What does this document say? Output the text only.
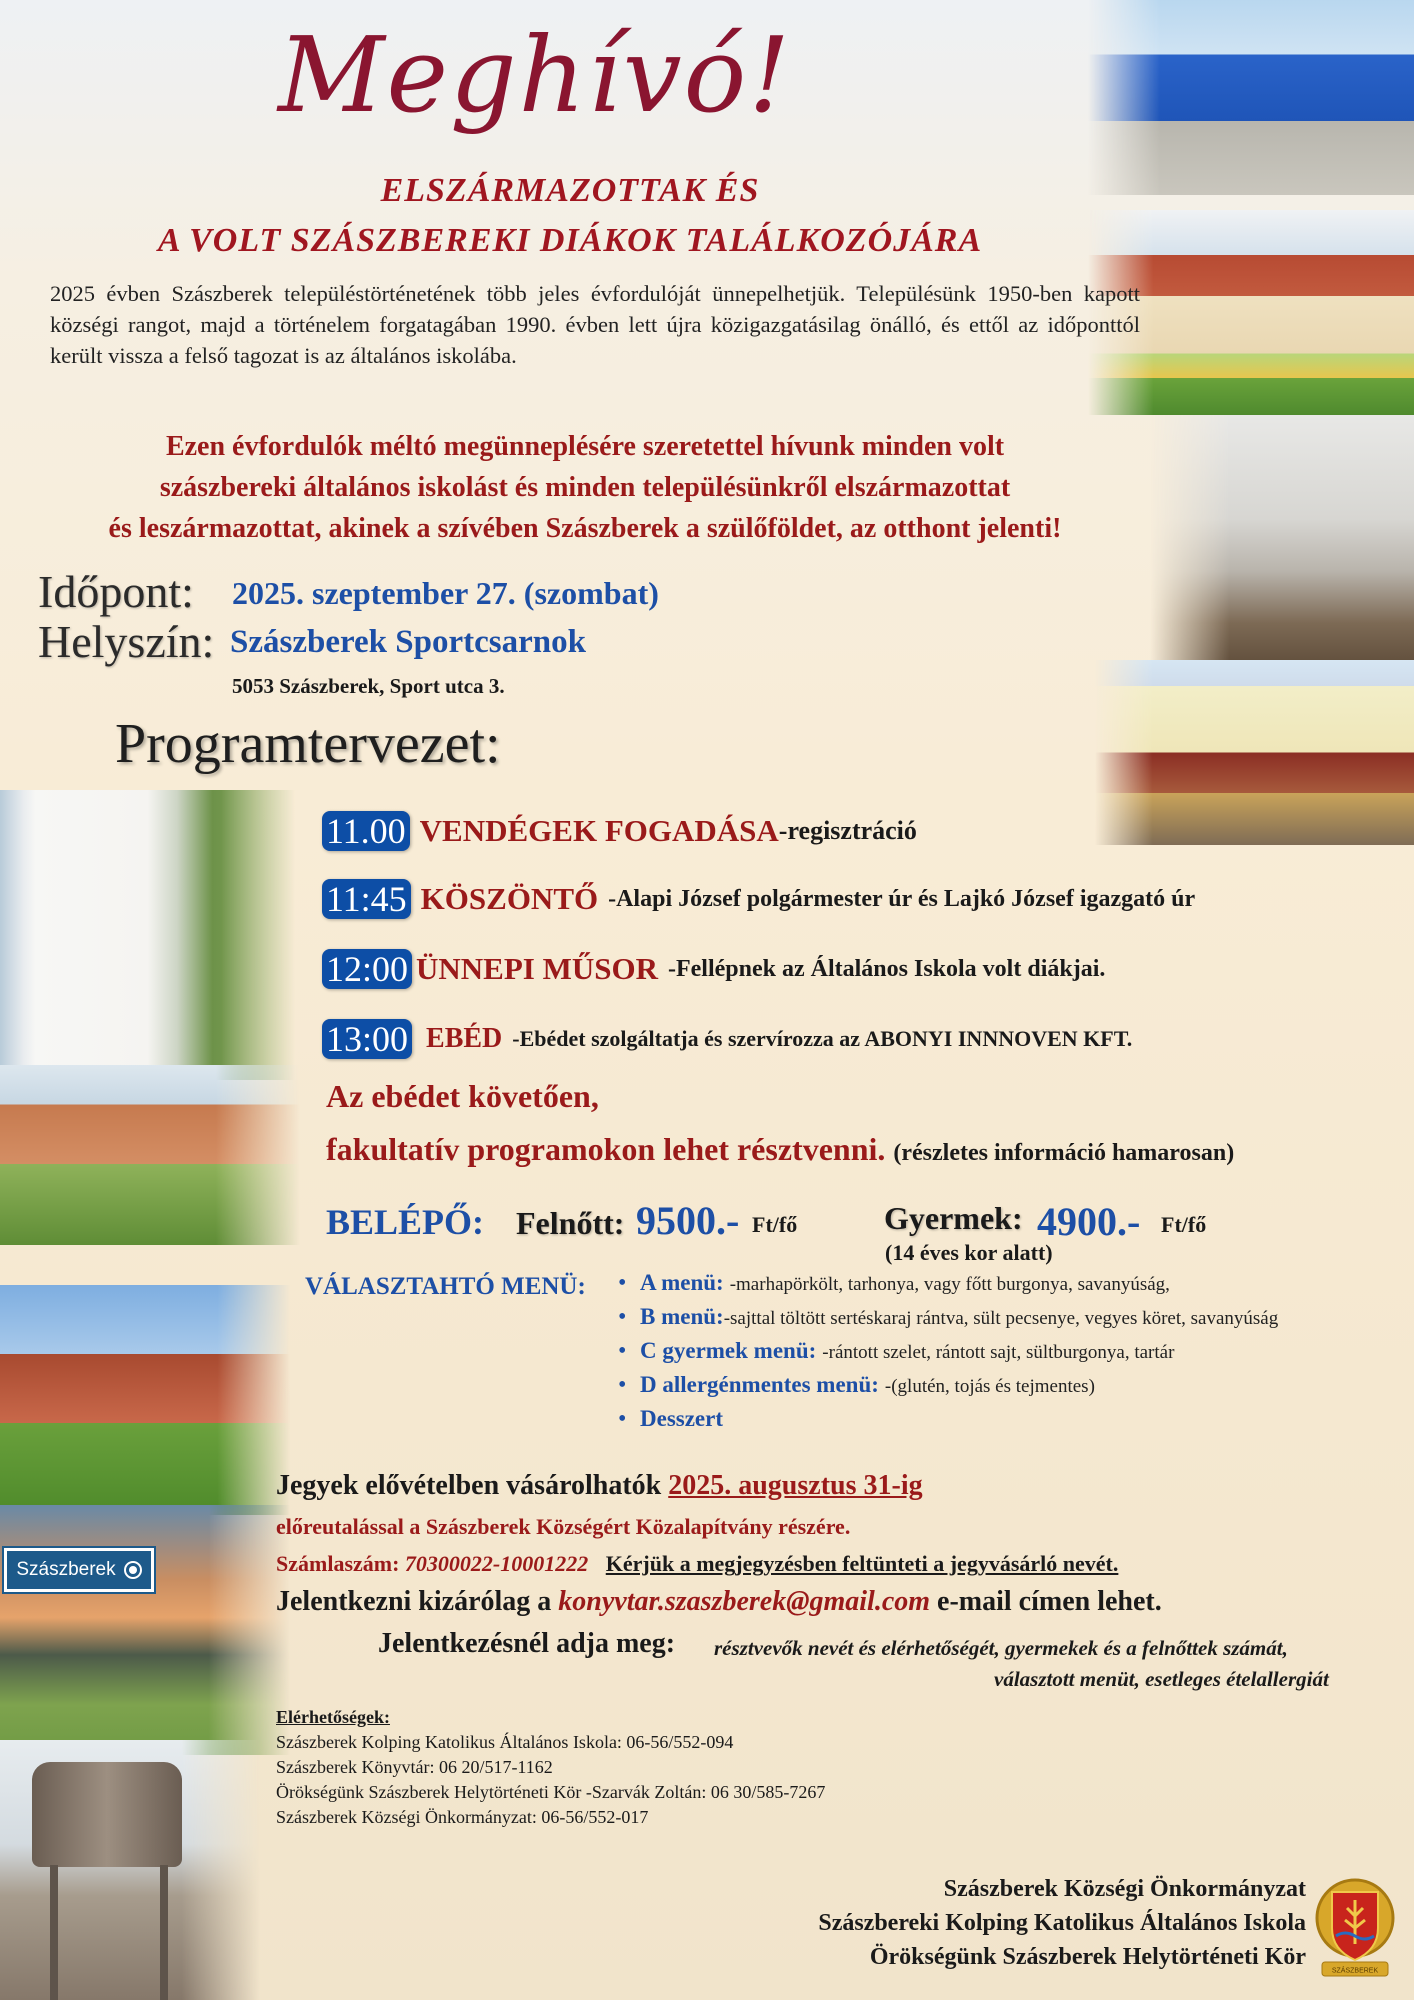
Szászberek
Meghívó!
ELSZÁRMAZOTTAK ÉS
A VOLT SZÁSZBEREKI DIÁKOK TALÁLKOZÓJÁRA
2025 évben Szászberek településtörténetének több jeles évfordulóját ünnepelhetjük. Településünk 1950-ben kapott községi rangot, majd a történelem forgatagában 1990. évben lett újra közigazgatásilag önálló, és ettől az időponttól került vissza a felső tagozat is az általános iskolába.
Ezen évfordulók méltó megünneplésére szeretettel hívunk minden volt
szászbereki általános iskolást és minden településünkről elszármazottat
és leszármazottat, akinek a szívében Szászberek a szülőföldet, az otthont jelenti!
Időpont: 2025. szeptember 27. (szombat)
Helyszín: Szászberek Sportcsarnok
5053 Szászberek, Sport utca 3.
Programtervezet:
11.00 VENDÉGEK FOGADÁSA -regisztráció
11:45 KÖSZÖNTŐ -Alapi József polgármester úr és Lajkó József igazgató úr
12:00 ÜNNEPI MŰSOR -Fellépnek az Általános Iskola volt diákjai.
13:00 EBÉD -Ebédet szolgáltatja és szervírozza az ABONYI INNNOVEN KFT.
Az ebédet követően,
fakultatív programokon lehet résztvenni. (részletes információ hamarosan)
BELÉPŐ: Felnőtt: 9500.- Ft/fő	Gyermek: 4900.- Ft/fő
(14 éves kor alatt)
VÁLASZTAHTÓ MENÜ:
• A menü: -marhapörkölt, tarhonya, vagy főtt burgonya, savanyúság,
• B menü: -sajttal töltött sertéskaraj rántva, sült pecsenye, vegyes köret, savanyúság
• C gyermek menü: -rántott szelet, rántott sajt, sültburgonya, tartár
• D allergénmentes menü: -(glutén, tojás és tejmentes)
• Desszert
Jegyek elővételben vásárolhatók 2025. augusztus 31-ig
előreutalással a Szászberek Községért Közalapítvány részére.
Számlaszám: 70300022-10001222 Kérjük a megjegyzésben feltünteti a jegyvásárló nevét.
Jelentkezni kizárólag a konyvtar.szaszberek@gmail.com e-mail címen lehet.
Jelentkezésnél adja meg: résztvevők nevét és elérhetőségét, gyermekek és a felnőttek számát,
választott menüt, esetleges ételallergiát
Elérhetőségek:
Szászberek Kolping Katolikus Általános Iskola: 06-56/552-094
Szászberek Könyvtár: 06 20/517-1162
Örökségünk Szászberek Helytörténeti Kör -Szarvák Zoltán: 06 30/585-7267
Szászberek Községi Önkormányzat: 06-56/552-017
Szászberek Községi Önkormányzat
Szászbereki Kolping Katolikus Általános Iskola
Örökségünk Szászberek Helytörténeti Kör
SZÁSZBEREK
